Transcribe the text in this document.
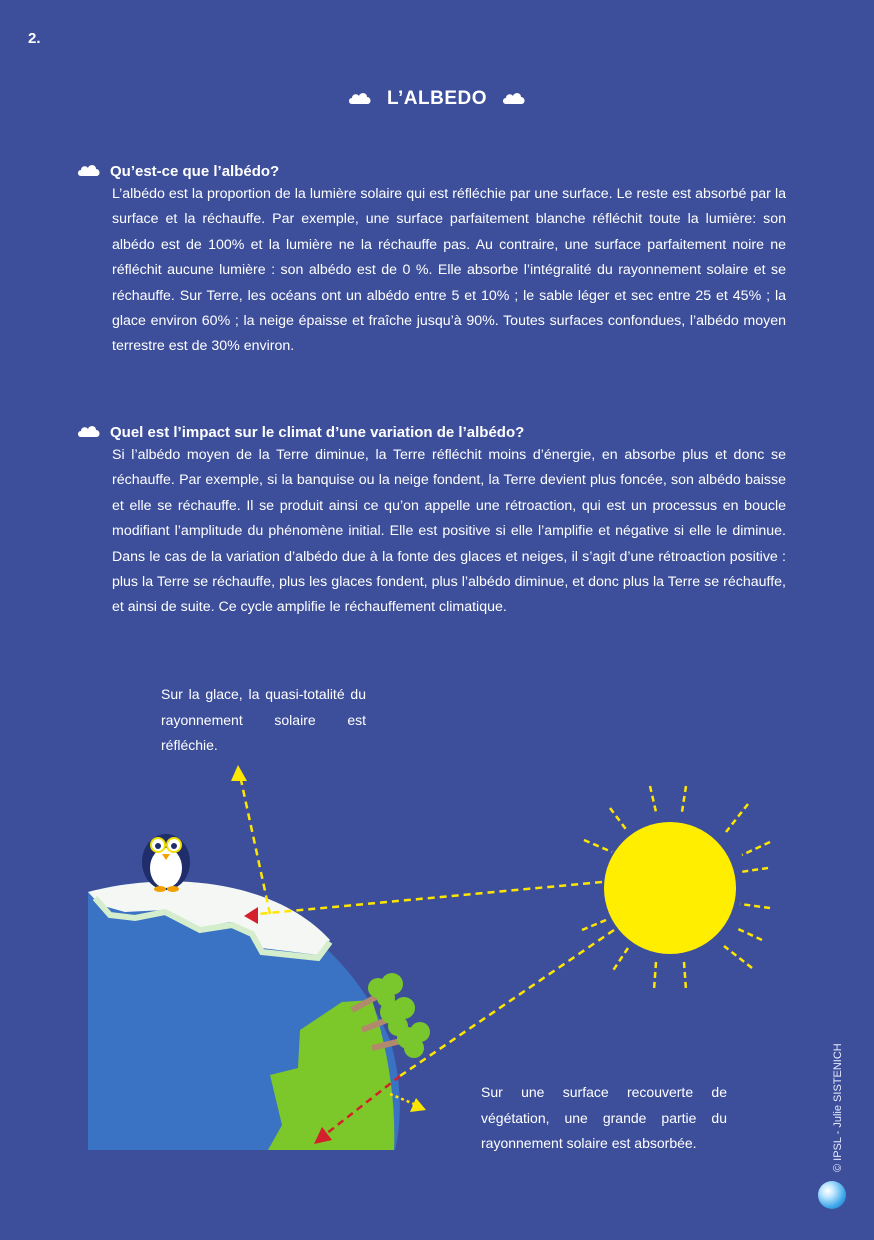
2.
L’ALBEDO
Qu’est-ce que l’albédo?

L’albédo est la proportion de la lumière solaire qui est réfléchie par une surface. Le reste est absorbé par la surface et la réchauffe. Par exemple, une surface parfaitement blanche réfléchit toute la lumière: son albédo est de 100% et la lumière ne la réchauffe pas. Au contraire, une surface parfaitement noire ne réfléchit aucune lumière : son albédo est de 0 %. Elle absorbe l’intégralité du rayonnement solaire et se réchauffe. Sur Terre, les océans ont un albédo entre 5 et 10% ; le sable léger et sec entre 25 et 45% ; la glace environ 60% ; la neige épaisse et fraîche jusqu’à 90%. Toutes surfaces confondues, l’albédo moyen terrestre est de 30% environ.

Quel est l’impact sur le climat d’une variation de l’albédo?

Si l’albédo moyen de la Terre diminue, la Terre réfléchit moins d’énergie, en absorbe plus et donc se réchauffe. Par exemple, si la banquise ou la neige fondent, la Terre devient plus foncée, son albédo baisse et elle se réchauffe. Il se produit ainsi ce qu’on appelle une rétroaction, qui est un processus en boucle modifiant l’amplitude du phénomène initial. Elle est positive si elle l’amplifie et négative si elle le diminue. Dans le cas de la variation d’albédo due à la fonte des glaces et neiges, il s’agit d’une rétroaction positive : plus la Terre se réchauffe, plus les glaces fondent, plus l’albédo diminue, et donc plus la Terre se réchauffe, et ainsi de suite. Ce cycle amplifie le réchauffement climatique.

Sur la glace, la quasi-totalité du rayonnement solaire est réfléchie.
Sur une surface recouverte de végétation, une grande partie du rayonnement solaire est absorbée.	© IPSL - Julie SISTENICH
